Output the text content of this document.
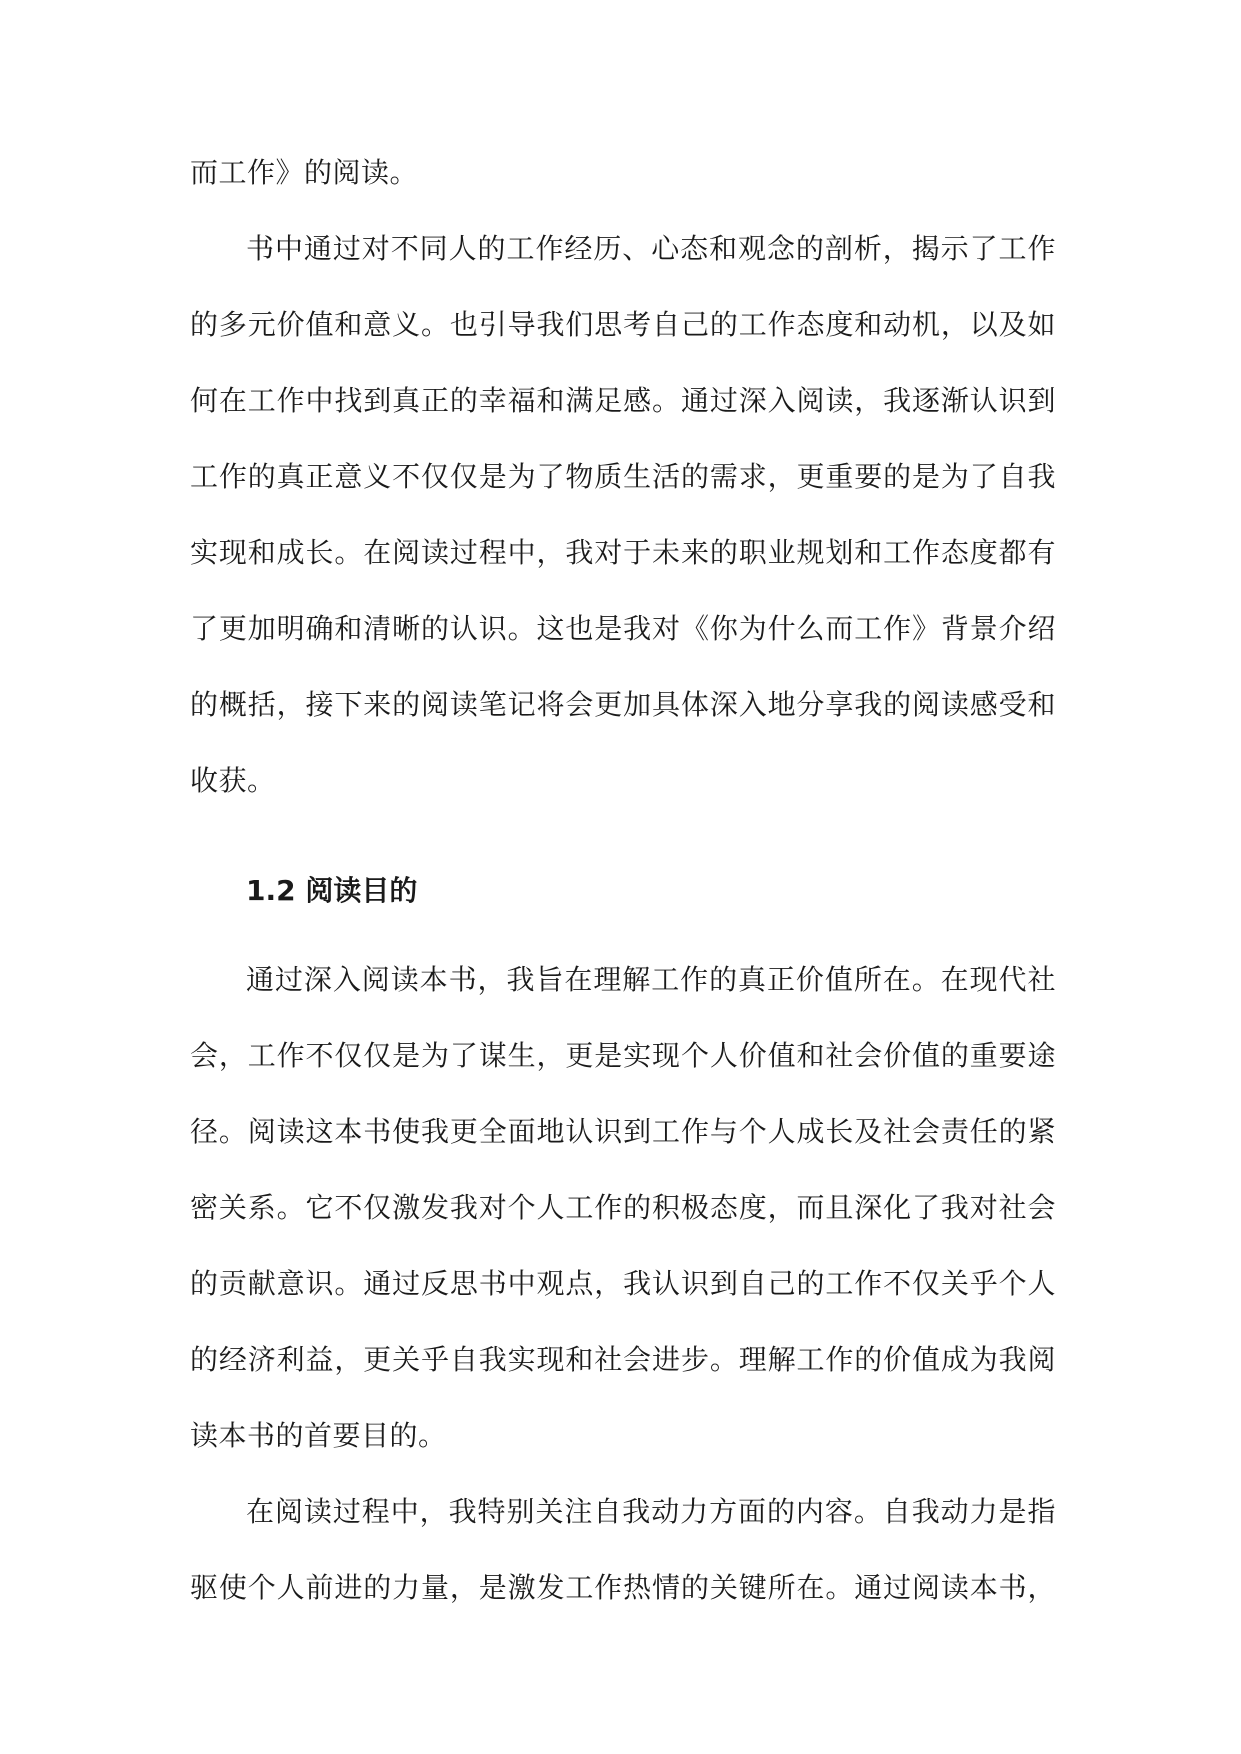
而工作》的阅读。
书中通过对不同人的工作经历、心态和观念的剖析，揭示了工作
的多元价值和意义。也引导我们思考自己的工作态度和动机，以及如
何在工作中找到真正的幸福和满足感。通过深入阅读，我逐渐认识到
工作的真正意义不仅仅是为了物质生活的需求，更重要的是为了自我
实现和成长。在阅读过程中，我对于未来的职业规划和工作态度都有
了更加明确和清晰的认识。这也是我对《你为什么而工作》背景介绍
的概括，接下来的阅读笔记将会更加具体深入地分享我的阅读感受和
收获。
1.2 阅读目的
通过深入阅读本书，我旨在理解工作的真正价值所在。在现代社
会，工作不仅仅是为了谋生，更是实现个人价值和社会价值的重要途
径。阅读这本书使我更全面地认识到工作与个人成长及社会责任的紧
密关系。它不仅激发我对个人工作的积极态度，而且深化了我对社会
的贡献意识。通过反思书中观点，我认识到自己的工作不仅关乎个人
的经济利益，更关乎自我实现和社会进步。理解工作的价值成为我阅
读本书的首要目的。
在阅读过程中，我特别关注自我动力方面的内容。自我动力是指
驱使个人前进的力量，是激发工作热情的关键所在。通过阅读本书，
